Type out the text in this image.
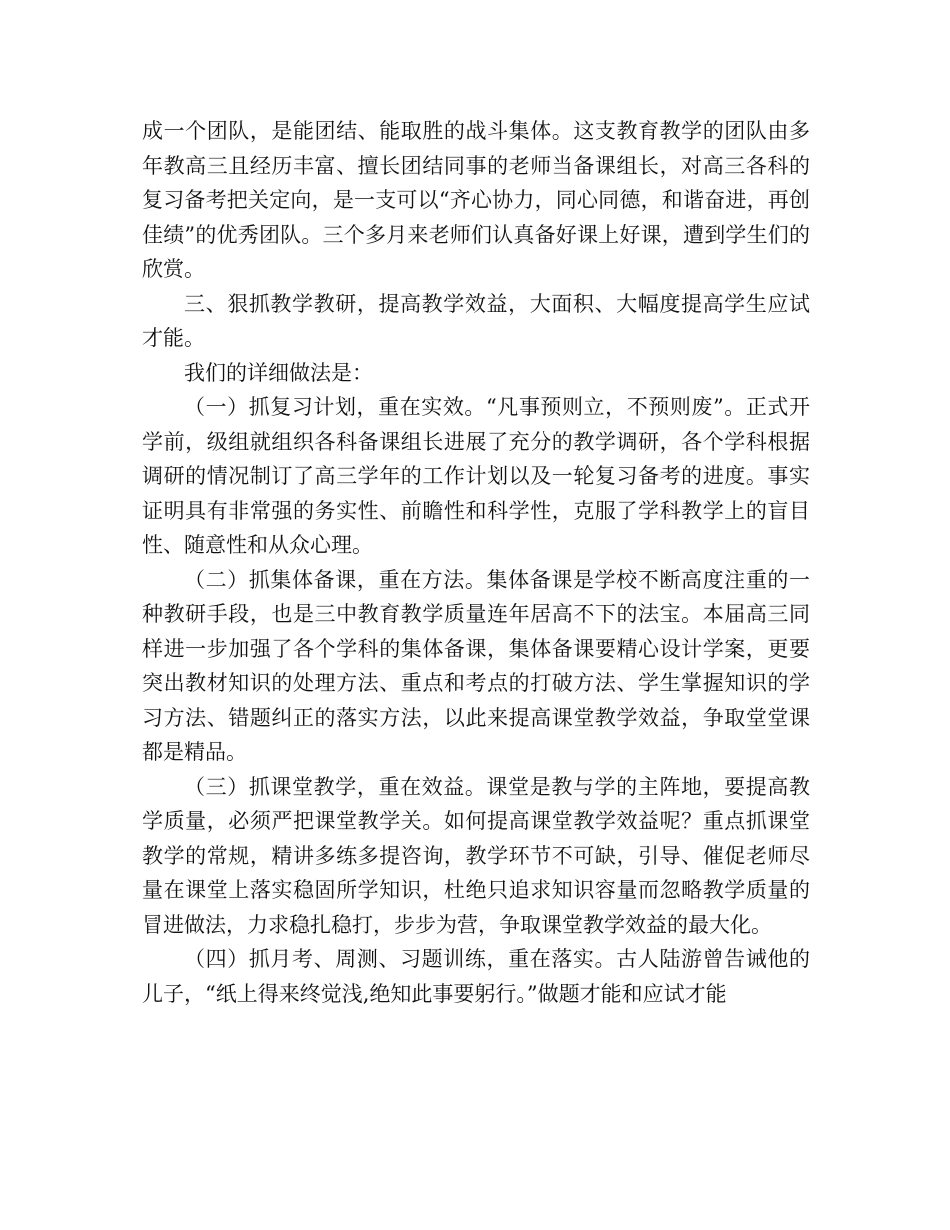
成一个团队，是能团结、能取胜的战斗集体。这支教育教学的团队由多年教高三且经历丰富、擅长团结同事的老师当备课组长，对高三各科的复习备考把关定向，是一支可以“齐心协力，同心同德，和谐奋进，再创佳绩”的优秀团队。三个多月来老师们认真备好课上好课，遭到学生们的欣赏。

三、狠抓教学教研，提高教学效益，大面积、大幅度提高学生应试才能。

我们的详细做法是：

（一）抓复习计划，重在实效。“凡事预则立，不预则废”。正式开学前，级组就组织各科备课组长进展了充分的教学调研，各个学科根据调研的情况制订了高三学年的工作计划以及一轮复习备考的进度。事实证明具有非常强的务实性、前瞻性和科学性，克服了学科教学上的盲目性、随意性和从众心理。

（二）抓集体备课，重在方法。集体备课是学校不断高度注重的一种教研手段，也是三中教育教学质量连年居高不下的法宝。本届高三同样进一步加强了各个学科的集体备课，集体备课要精心设计学案，更要突出教材知识的处理方法、重点和考点的打破方法、学生掌握知识的学习方法、错题纠正的落实方法，以此来提高课堂教学效益，争取堂堂课都是精品。

（三）抓课堂教学，重在效益。课堂是教与学的主阵地，要提高教学质量，必须严把课堂教学关。如何提高课堂教学效益呢？重点抓课堂教学的常规，精讲多练多提咨询，教学环节不可缺，引导、催促老师尽量在课堂上落实稳固所学知识，杜绝只追求知识容量而忽略教学质量的冒进做法，力求稳扎稳打，步步为营，争取课堂教学效益的最大化。

（四）抓月考、周测、习题训练，重在落实。古人陆游曾告诫他的儿子，“纸上得来终觉浅,绝知此事要躬行。”做题才能和应试才能
